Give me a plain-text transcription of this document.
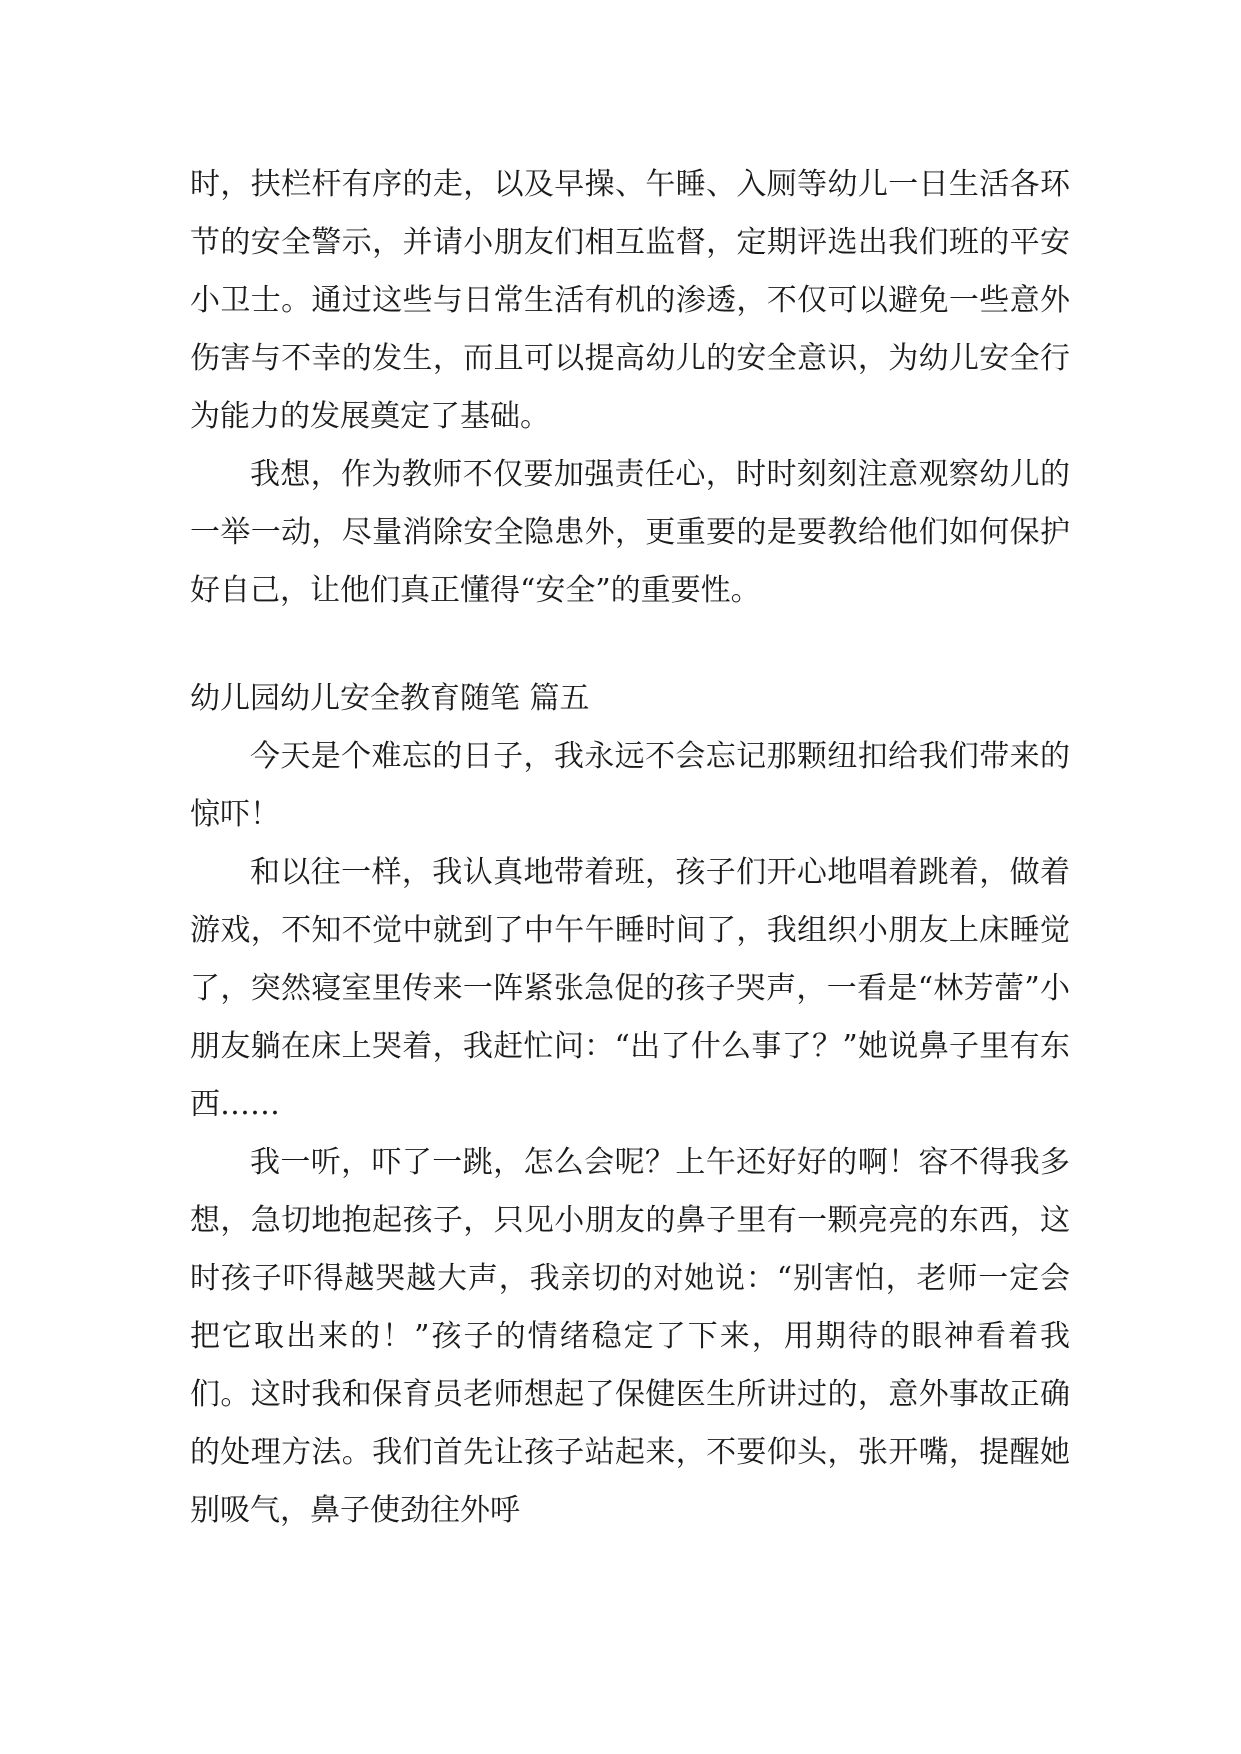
时，扶栏杆有序的走，以及早操、午睡、入厕等幼儿一日生活各环节的安全警示，并请小朋友们相互监督，定期评选出我们班的平安小卫士。通过这些与日常生活有机的渗透，不仅可以避免一些意外伤害与不幸的发生，而且可以提高幼儿的安全意识，为幼儿安全行为能力的发展奠定了基础。

我想，作为教师不仅要加强责任心，时时刻刻注意观察幼儿的一举一动，尽量消除安全隐患外，更重要的是要教给他们如何保护好自己，让他们真正懂得“安全”的重要性。

幼儿园幼儿安全教育随笔 篇五

今天是个难忘的日子，我永远不会忘记那颗纽扣给我们带来的惊吓！

和以往一样，我认真地带着班，孩子们开心地唱着跳着，做着游戏，不知不觉中就到了中午午睡时间了，我组织小朋友上床睡觉了，突然寝室里传来一阵紧张急促的孩子哭声，一看是“林芳蕾”小朋友躺在床上哭着，我赶忙问：“出了什么事了？”她说鼻子里有东西……

我一听，吓了一跳，怎么会呢？上午还好好的啊！容不得我多想，急切地抱起孩子，只见小朋友的鼻子里有一颗亮亮的东西，这时孩子吓得越哭越大声，我亲切的对她说：“别害怕，老师一定会把它取出来的！”孩子的情绪稳定了下来，用期待的眼神看着我们。这时我和保育员老师想起了保健医生所讲过的，意外事故正确的处理方法。我们首先让孩子站起来，不要仰头，张开嘴，提醒她别吸气，鼻子使劲往外呼
